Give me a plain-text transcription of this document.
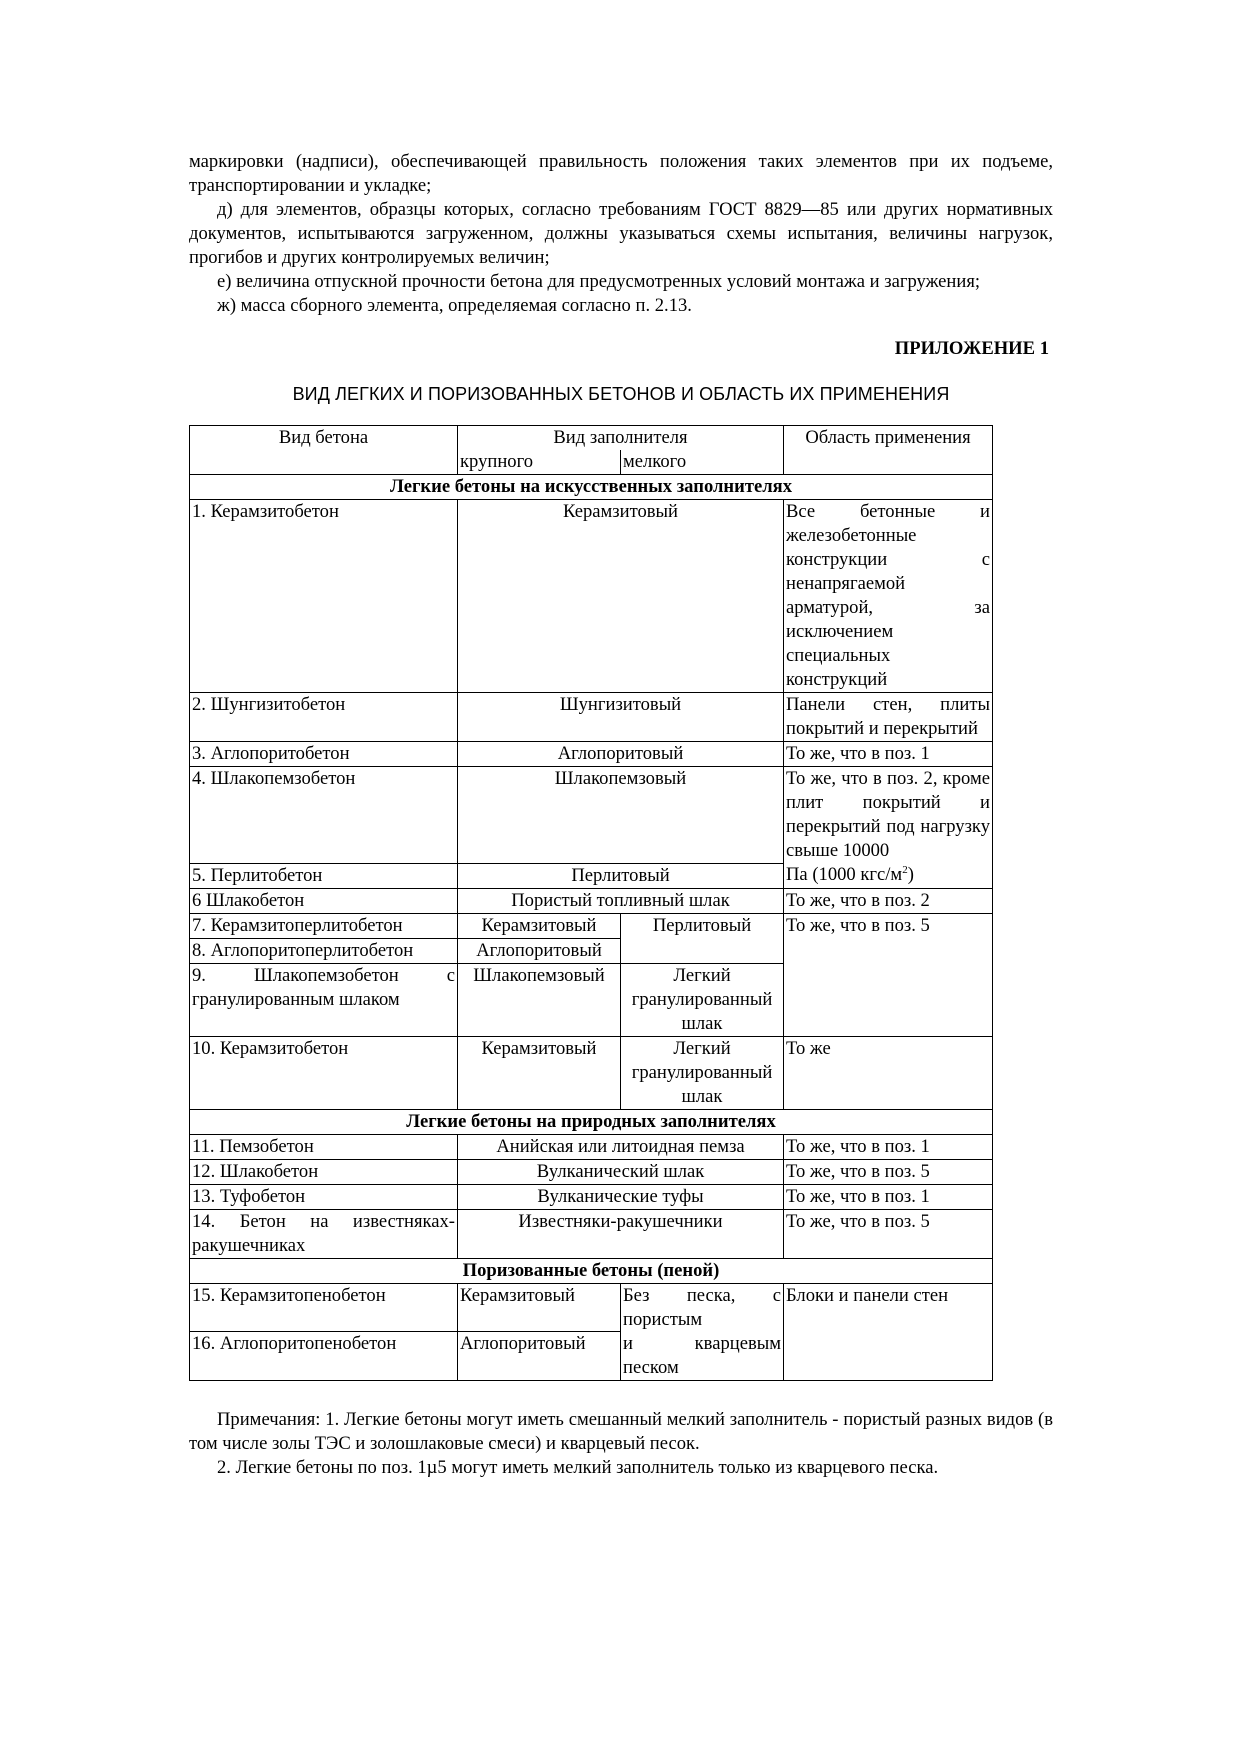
маркировки (надписи), обеспечивающей правильность положения таких элементов при их подъеме, транспортировании и укладке;

д) для элементов, образцы которых, согласно требованиям ГОСТ 8829—85 или других нормативных документов, испытываются загруженном, должны указываться схемы испытания, величины нагрузок, прогибов и других контролируемых величин;

е) величина отпускной прочности бетона для предусмотренных условий монтажа и загружения;

ж) масса сборного элемента, определяемая согласно п. 2.13.

ПРИЛОЖЕНИЕ 1
ВИД ЛЕГКИХ И ПОРИЗОВАННЫХ БЕТОНОВ И ОБЛАСТЬ ИХ ПРИМЕНЕНИЯ
Вид бетона	Вид заполнителя		Область применения
	крупного	мелкого	
Легкие бетоны на искусственных заполнителях			
1. Керамзитобетон	Керамзитовый		Все бетонные и железобетонные конструкции с ненапрягаемой арматурой, за исключением специальных конструкций
2. Шунгизитобетон	Шунгизитовый		Панели стен, плиты покрытий и перекрытий
3. Аглопоритобетон	Аглопоритовый		То же, что в поз. 1
4. Шлакопемзобетон	Шлакопемзовый		То же, что в поз. 2, кроме плит покрытий и перекрытий под нагрузку свыше 10000
5. Перлитобетон	Перлитовый		Па (1000 кгс/$м^2$)
6 Шлакобетон	Пористый топливный шлак		То же, что в поз. 2
7. Керамзитоперлитобетон	Керамзитовый	Перлитовый	То же, что в поз. 5
8. Аглопоритоперлитобетон	Аглопоритовый		
9. Шлакопемзобетон с гранулированным шлаком	Шлакопемзовый	Легкий гранулированный шлак	
10. Керамзитобетон	Керамзитовый	Легкий гранулированный шлак	То же
Легкие бетоны на природных заполнителях			
11. Пемзобетон	Анийская или литоидная пемза		То же, что в поз. 1
12. Шлакобетон	Вулканический шлак		То же, что в поз. 5
13. Туфобетон	Вулканические туфы		То же, что в поз. 1
14. Бетон на известняках-ракушечниках	Известняки-ракушечники		То же, что в поз. 5
Поризованные бетоны (пеной)			
15. Керамзитопенобетон	Керамзитовый	Без песка, с пористым	Блоки и панели стен
16. Аглопоритопенобетон	Аглопоритовый	и кварцевым песком	

Примечания: 1. Легкие бетоны могут иметь смешанный мелкий заполнитель - пористый разных видов (в том числе золы ТЭС и золошлаковые смеси) и кварцевый песок.

2. Легкие бетоны по поз. 1µ5 могут иметь мелкий заполнитель только из кварцевого песка.
